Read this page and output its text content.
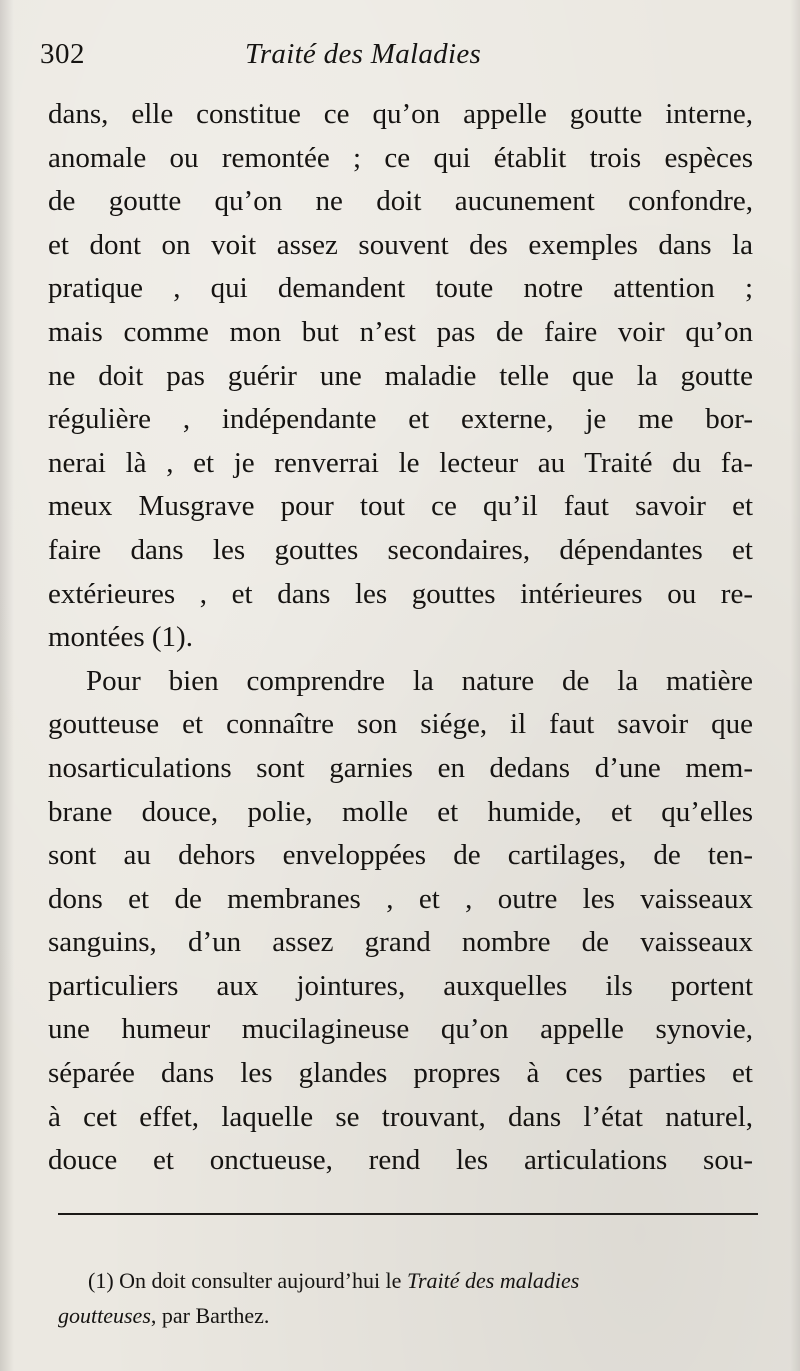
302	Traité des Maladies
dans, elle constitue ce qu’on appelle goutte interne,
anomale ou remontée ; ce qui établit trois espèces
de goutte qu’on ne doit aucunement confondre,
et dont on voit assez souvent des exemples dans la
pratique , qui demandent toute notre attention ;
mais comme mon but n’est pas de faire voir qu’on
ne doit pas guérir une maladie telle que la goutte
régulière , indépendante et externe, je me bor-
nerai là , et je renverrai le lecteur au Traité du fa-
meux Musgrave pour tout ce qu’il faut savoir et
faire dans les gouttes secondaires, dépendantes et
extérieures , et dans les gouttes intérieures ou re-
montées (1).
Pour bien comprendre la nature de la matière
goutteuse et connaître son siége, il faut savoir que
nosarticulations sont garnies en dedans d’une mem-
brane douce, polie, molle et humide, et qu’elles
sont au dehors enveloppées de cartilages, de ten-
dons et de membranes , et , outre les vaisseaux
sanguins, d’un assez grand nombre de vaisseaux
particuliers aux jointures, auxquelles ils portent
une humeur mucilagineuse qu’on appelle synovie,
séparée dans les glandes propres à ces parties et
à cet effet, laquelle se trouvant, dans l’état naturel,
douce et onctueuse, rend les articulations sou-
(1) On doit consulter aujourd’hui le Traité des maladies
goutteuses, par Barthez.
